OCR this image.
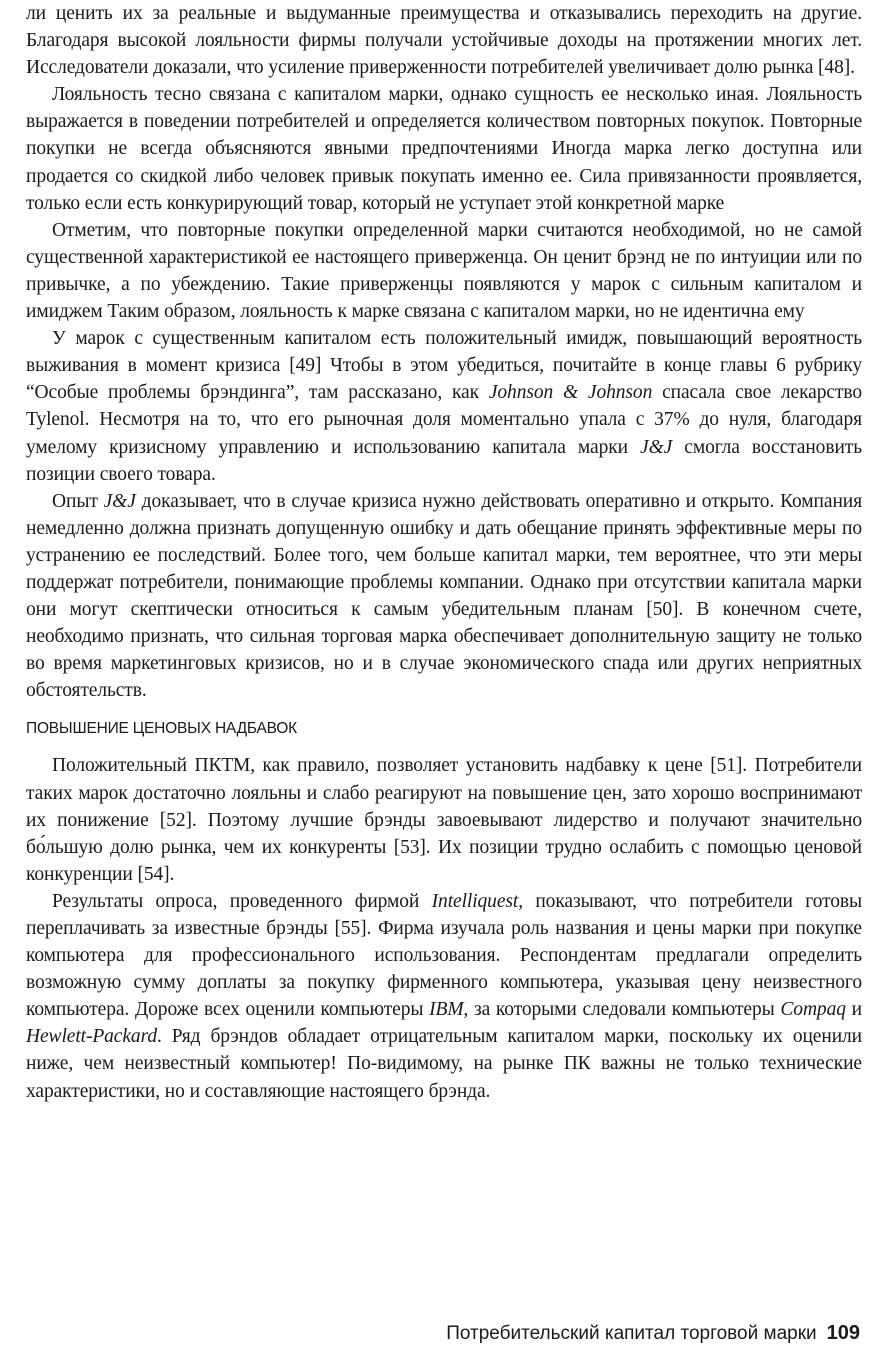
ли ценить их за реальные и выдуманные преимущества и отказывались переходить на другие. Благодаря высокой лояльности фирмы получали устойчивые доходы на протяжении многих лет. Исследователи доказали, что усиление приверженности потребителей увеличивает долю рынка [48].

Лояльность тесно связана с капиталом марки, однако сущность ее несколько иная. Лояльность выражается в поведении потребителей и определяется количеством повторных покупок. Повторные покупки не всегда объясняются явными предпочтениями Иногда марка легко доступна или продается со скидкой либо человек привык покупать именно ее. Сила привязанности проявляется, только если есть конкурирующий товар, который не уступает этой конкретной марке

Отметим, что повторные покупки определенной марки считаются необходимой, но не самой существенной характеристикой ее настоящего приверженца. Он ценит брэнд не по интуиции или по привычке, а по убеждению. Такие приверженцы появляются у марок с сильным капиталом и имиджем Таким образом, лояльность к марке связана с капиталом марки, но не идентична ему

У марок с существенным капиталом есть положительный имидж, повышающий вероятность выживания в момент кризиса [49] Чтобы в этом убедиться, почитайте в конце главы 6 рубрику “Особые проблемы брэндинга”, там рассказано, как Johnson & Johnson спасала свое лекарство Tylenol. Несмотря на то, что его рыночная доля моментально упала с 37% до нуля, благодаря умелому кризисному управлению и использованию капитала марки J&J смогла восстановить позиции своего товара.

Опыт J&J доказывает, что в случае кризиса нужно действовать оперативно и открыто. Компания немедленно должна признать допущенную ошибку и дать обещание принять эффективные меры по устранению ее последствий. Более того, чем больше капитал марки, тем вероятнее, что эти меры поддержат потребители, понимающие проблемы компании. Однако при отсутствии капитала марки они могут скептически относиться к самым убедительным планам [50]. В конечном счете, необходимо признать, что сильная торговая марка обеспечивает дополнительную защиту не только во время маркетинговых кризисов, но и в случае экономического спада или других неприятных обстоятельств.

ПОВЫШЕНИЕ ЦЕНОВЫХ НАДБАВОК

Положительный ПКТМ, как правило, позволяет установить надбавку к цене [51]. Потребители таких марок достаточно лояльны и слабо реагируют на повышение цен, зато хорошо воспринимают их понижение [52]. Поэтому лучшие брэнды завоевывают лидерство и получают значительно бо́льшую долю рынка, чем их конкуренты [53]. Их позиции трудно ослабить с помощью ценовой конкуренции [54].

Результаты опроса, проведенного фирмой Intelliquest, показывают, что потребители готовы переплачивать за известные брэнды [55]. Фирма изучала роль названия и цены марки при покупке компьютера для профессионального использования. Респондентам предлагали определить возможную сумму доплаты за покупку фирменного компьютера, указывая цену неизвестного компьютера. Дороже всех оценили компьютеры IBM, за которыми следовали компьютеры Compaq и Hewlett-Packard. Ряд брэндов обладает отрицательным капиталом марки, поскольку их оценили ниже, чем неизвестный компьютер! По-видимому, на рынке ПК важны не только технические характеристики, но и составляющие настоящего брэнда.

Потребительский капитал торговой марки 109
